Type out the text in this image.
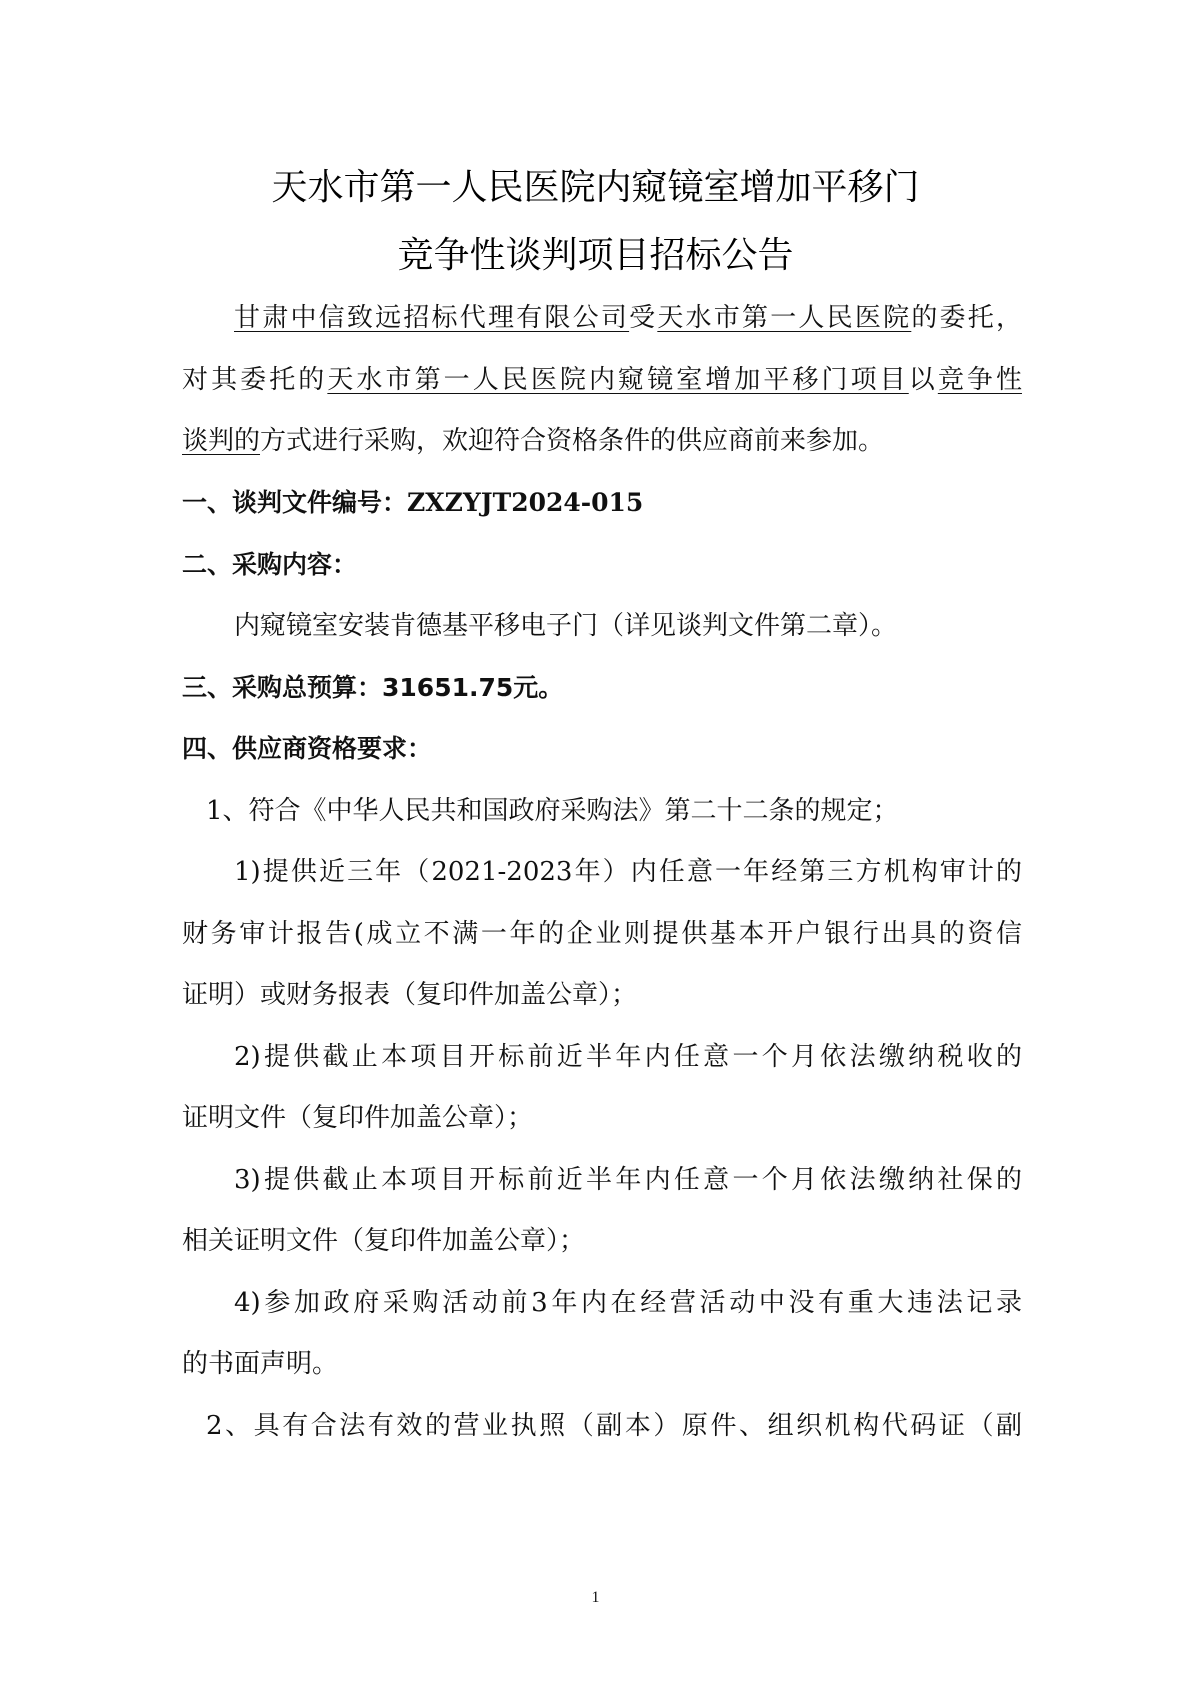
天水市第一人民医院内窥镜室增加平移门
竞争性谈判项目招标公告
甘肃中信致远招标代理有限公司受天水市第一人民医院的委托，
对其委托的天水市第一人民医院内窥镜室增加平移门项目以竞争性
谈判的方式进行采购，欢迎符合资格条件的供应商前来参加。
一、谈判文件编号：ZXZYJT2024-015
二、采购内容：
内窥镜室安装肯德基平移电子门（详见谈判文件第二章）。
三、采购总预算：31651.75元。
四、供应商资格要求：
1、符合《中华人民共和国政府采购法》第二十二条的规定；
1)提供近三年（2021-2023年）内任意一年经第三方机构审计的
财务审计报告(成立不满一年的企业则提供基本开户银行出具的资信
证明）或财务报表（复印件加盖公章）；
2)提供截止本项目开标前近半年内任意一个月依法缴纳税收的
证明文件（复印件加盖公章）；
3)提供截止本项目开标前近半年内任意一个月依法缴纳社保的
相关证明文件（复印件加盖公章）；
4)参加政府采购活动前3年内在经营活动中没有重大违法记录
的书面声明。
2、具有合法有效的营业执照（副本）原件、组织机构代码证（副
1
